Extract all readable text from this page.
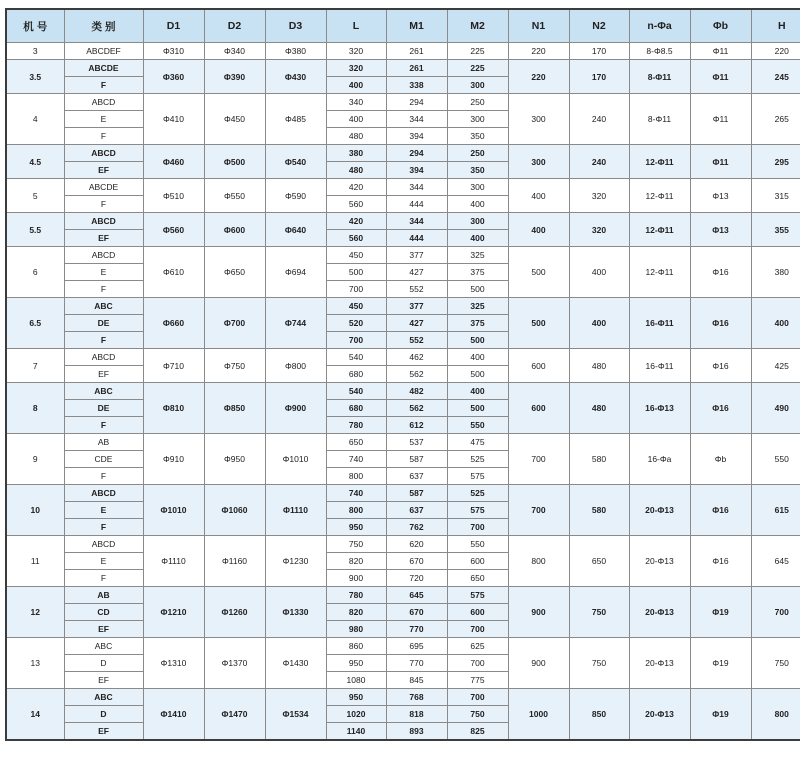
机 号	类 别	D1	D2	D3	L	M1	M2	N1	N2	n-Φa	Φb	H
3	ABCDEF	Φ310	Φ340	Φ380	320	261	225	220	170	8-Φ8.5	Φ11	220
3.5	ABCDE	Φ360	Φ390	Φ430	320	261	225	220	170	8-Φ11	Φ11	245
	F				400	338	300					
4	ABCD	Φ410	Φ450	Φ485	340	294	250	300	240	8-Φ11	Φ11	265
	E				400	344	300					
	F				480	394	350					
4.5	ABCD	Φ460	Φ500	Φ540	380	294	250	300	240	12-Φ11	Φ11	295
	EF				480	394	350					
5	ABCDE	Φ510	Φ550	Φ590	420	344	300	400	320	12-Φ11	Φ13	315
	F				560	444	400					
5.5	ABCD	Φ560	Φ600	Φ640	420	344	300	400	320	12-Φ11	Φ13	355
	EF				560	444	400					
6	ABCD	Φ610	Φ650	Φ694	450	377	325	500	400	12-Φ11	Φ16	380
	E				500	427	375					
	F				700	552	500					
6.5	ABC	Φ660	Φ700	Φ744	450	377	325	500	400	16-Φ11	Φ16	400
	DE				520	427	375					
	F				700	552	500					
7	ABCD	Φ710	Φ750	Φ800	540	462	400	600	480	16-Φ11	Φ16	425
	EF				680	562	500					
8	ABC	Φ810	Φ850	Φ900	540	482	400	600	480	16-Φ13	Φ16	490
	DE				680	562	500					
	F				780	612	550					
9	AB	Φ910	Φ950	Φ1010	650	537	475	700	580	16-Φa	Φb	550
	CDE				740	587	525					
	F				800	637	575					
10	ABCD	Φ1010	Φ1060	Φ1110	740	587	525	700	580	20-Φ13	Φ16	615
	E				800	637	575					
	F				950	762	700					
11	ABCD	Φ1110	Φ1160	Φ1230	750	620	550	800	650	20-Φ13	Φ16	645
	E				820	670	600					
	F				900	720	650					
12	AB	Φ1210	Φ1260	Φ1330	780	645	575	900	750	20-Φ13	Φ19	700
	CD				820	670	600					
	EF				980	770	700					
13	ABC	Φ1310	Φ1370	Φ1430	860	695	625	900	750	20-Φ13	Φ19	750
	D				950	770	700					
	EF				1080	845	775					
14	ABC	Φ1410	Φ1470	Φ1534	950	768	700	1000	850	20-Φ13	Φ19	800
	D				1020	818	750					
	EF				1140	893	825					
